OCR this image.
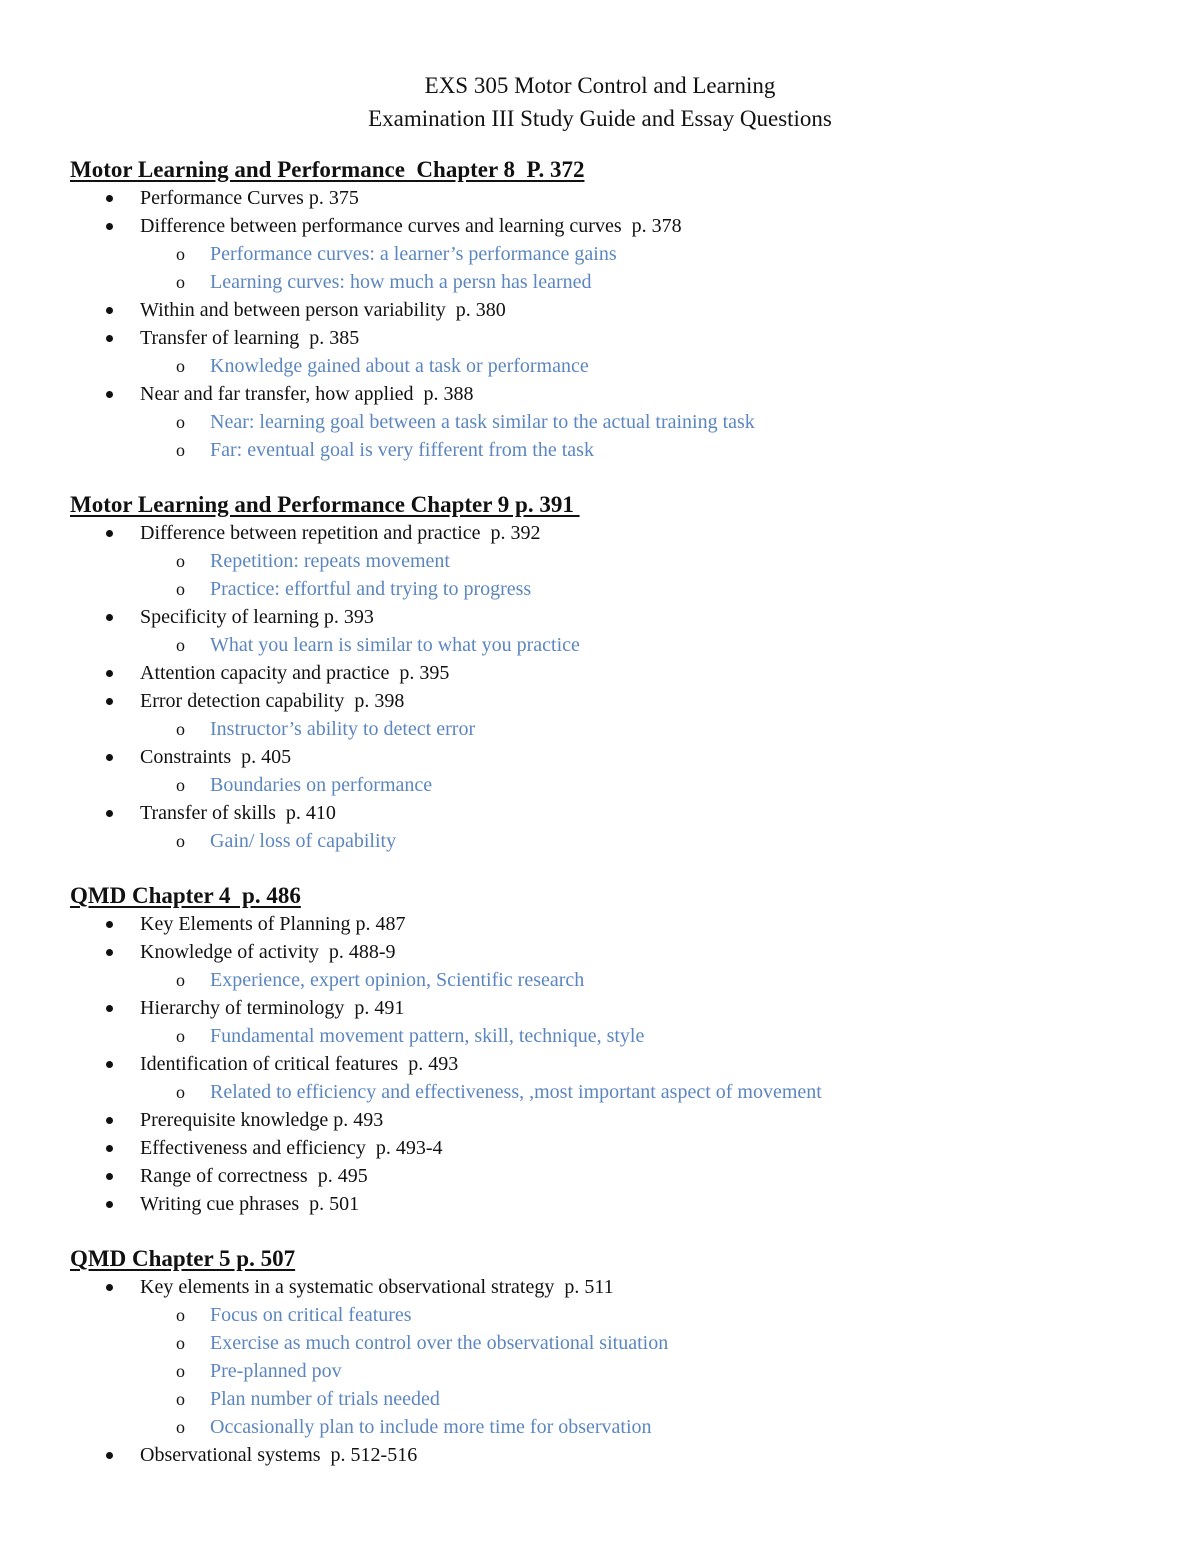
EXS 305 Motor Control and Learning
Examination III Study Guide and Essay Questions
Motor Learning and Performance  Chapter 8  P. 372
Performance Curves p. 375
Difference between performance curves and learning curves  p. 378
o Performance curves: a learner’s performance gains
o Learning curves: how much a persn has learned
Within and between person variability  p. 380
Transfer of learning  p. 385
o Knowledge gained about a task or performance
Near and far transfer, how applied  p. 388
o Near: learning goal between a task similar to the actual training task
o Far: eventual goal is very fifferent from the task
Motor Learning and Performance Chapter 9 p. 391
Difference between repetition and practice  p. 392
o Repetition: repeats movement
o Practice: effortful and trying to progress
Specificity of learning p. 393
o What you learn is similar to what you practice
Attention capacity and practice  p. 395
Error detection capability  p. 398
o Instructor’s ability to detect error
Constraints  p. 405
o Boundaries on performance
Transfer of skills  p. 410
o Gain/ loss of capability
QMD Chapter 4  p. 486
Key Elements of Planning p. 487
Knowledge of activity  p. 488-9
o Experience, expert opinion, Scientific research
Hierarchy of terminology  p. 491
o Fundamental movement pattern, skill, technique, style
Identification of critical features  p. 493
o Related to efficiency and effectiveness, ,most important aspect of movement
Prerequisite knowledge p. 493
Effectiveness and efficiency  p. 493-4
Range of correctness  p. 495
Writing cue phrases  p. 501
QMD Chapter 5 p. 507
Key elements in a systematic observational strategy  p. 511
o Focus on critical features
o Exercise as much control over the observational situation
o Pre-planned pov
o Plan number of trials needed
o Occasionally plan to include more time for observation
Observational systems  p. 512-516
